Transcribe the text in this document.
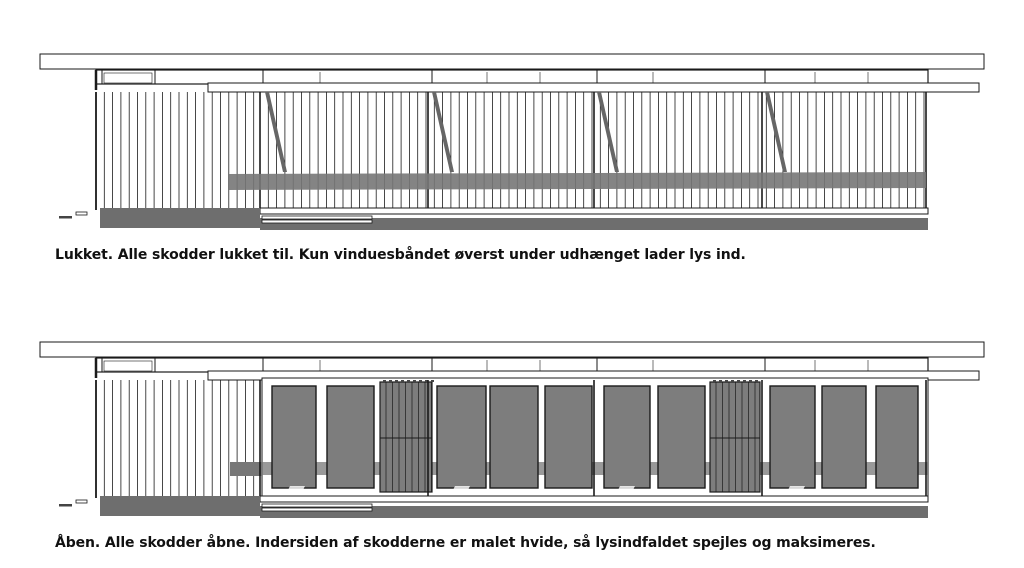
Lukket. Alle skodder lukket til. Kun vinduesbåndet øverst under udhænget lader lys ind.

Åben. Alle skodder åbne. Indersiden af skodderne er malet hvide, så lysindfaldet spejles og maksimeres.
